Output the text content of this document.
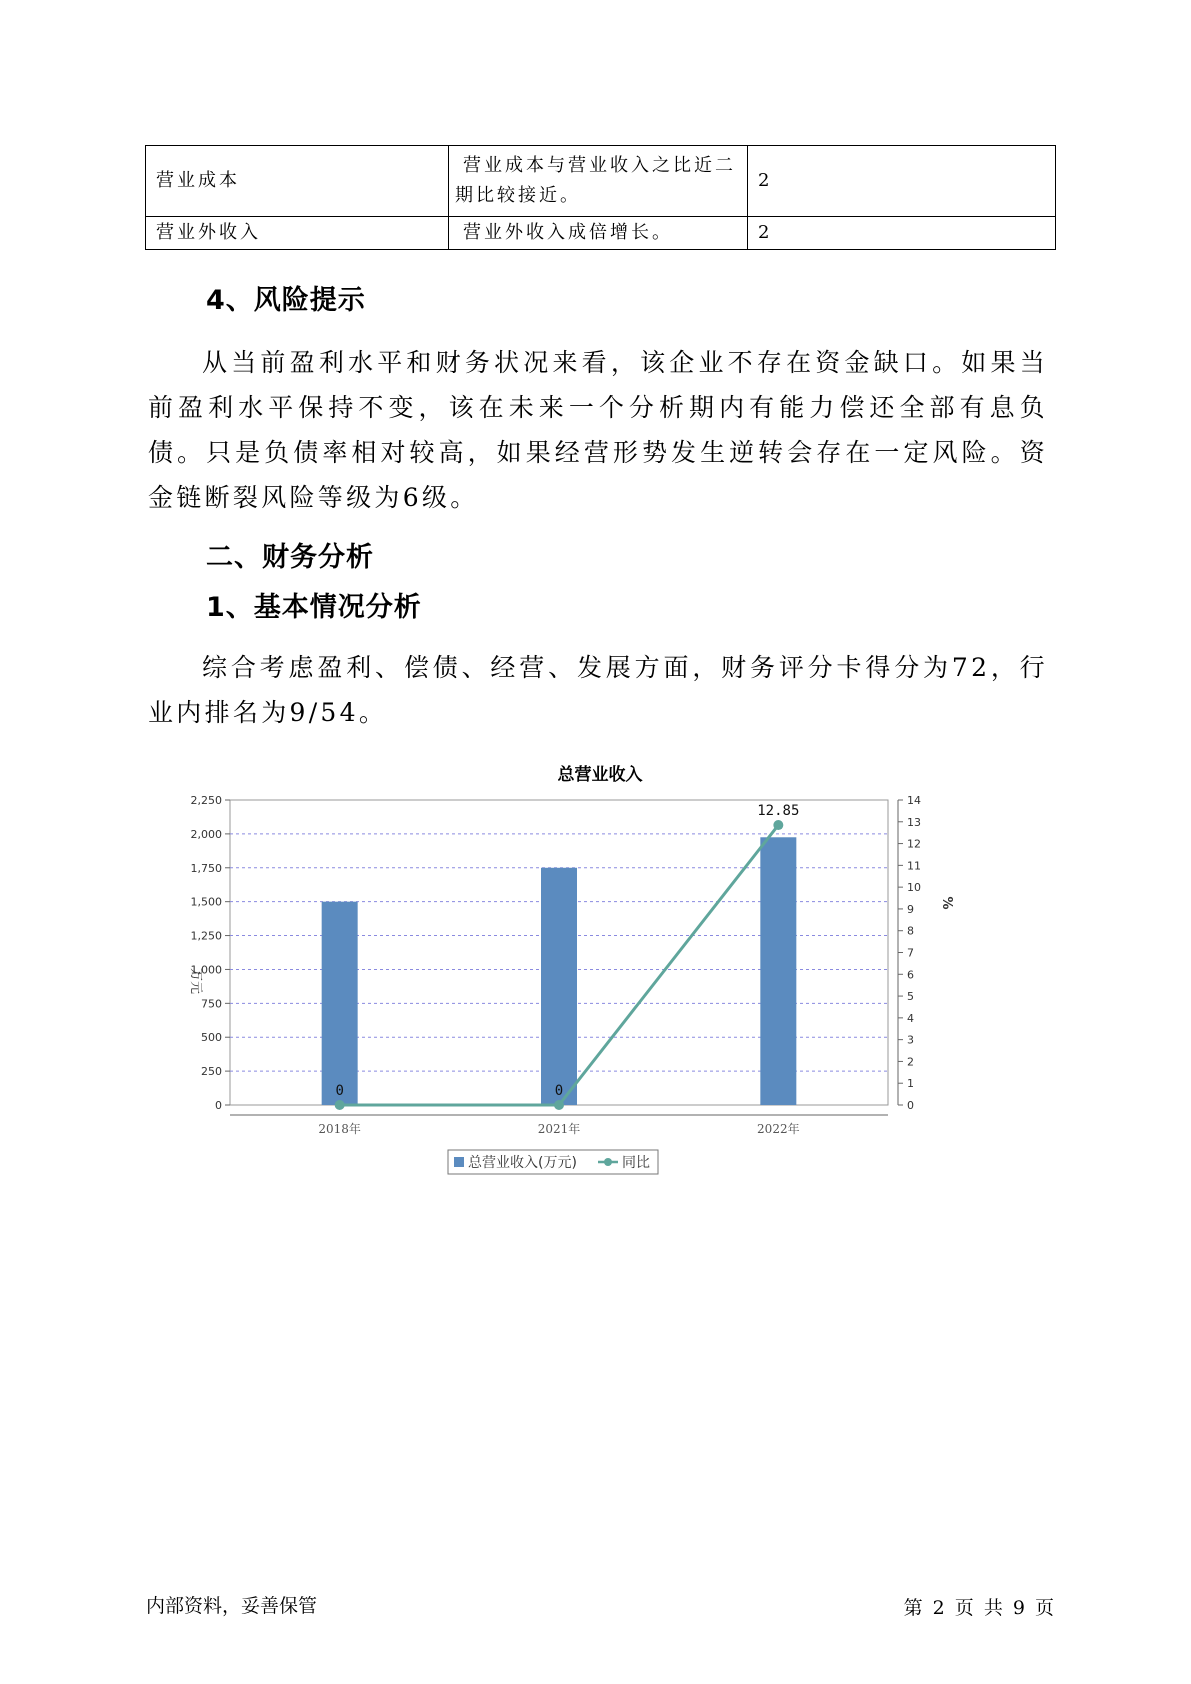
营业成本	营业成本与营业收入之比近二期比较接近。	2
营业外收入	营业外收入成倍增长。	2
4、风险提示

从当前盈利水平和财务状况来看，该企业不存在资金缺口。如果当前盈利水平保持不变，该在未来一个分析期内有能力偿还全部有息负债。只是负债率相对较高，如果经营形势发生逆转会存在一定风险。资金链断裂风险等级为6级。

二、财务分析
1、基本情况分析

综合考虑盈利、偿债、经营、发展方面，财务评分卡得分为72，行业内排名为9/54。

总营业收入
0	0
12.85
0
250
500
750
1,000
1,250
1,500
1,750
2,000
2,250
0
1
2
3
4
5
6
7
8
9
10
11
12
13
14
2018年	2021年	2022年
万元
%
总营业收入(万元)	同比
内部资料，妥善保管	第 2 页 共 9 页
